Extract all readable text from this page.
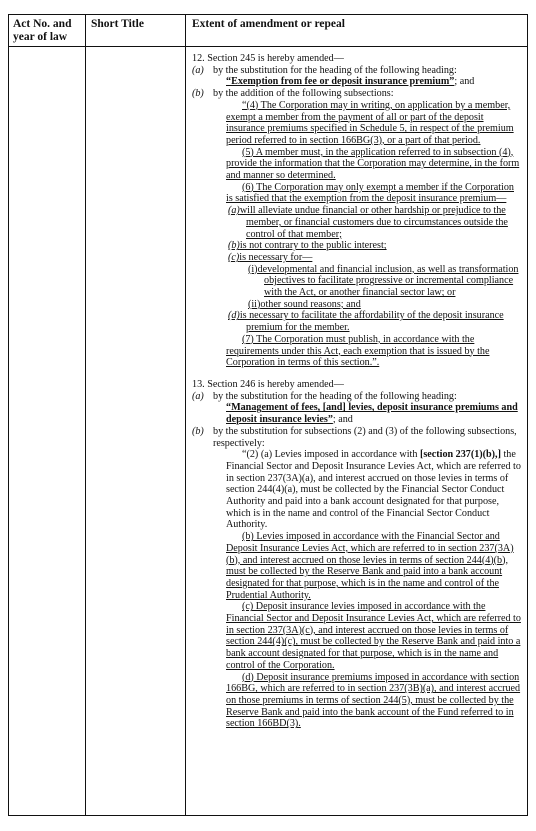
Act No. and year of law
Short Title	Extent of amendment or repeal

12. Section 245 is hereby amended—

(a) by the substitution for the heading of the following heading:

“Exemption from fee or deposit insurance premium”; and

(b) by the addition of the following subsections:

“(4) The Corporation may in writing, on application by a member, exempt a member from the payment of all or part of the deposit insurance premiums specified in Schedule 5, in respect of the premium period referred to in section 166BG(3), or a part of that period.

(5) A member must, in the application referred to in subsection (4), provide the information that the Corporation may determine, in the form and manner so determined.

(6) The Corporation may only exempt a member if the Corporation is satisfied that the exemption from the deposit insurance premium—

(a)will alleviate undue financial or other hardship or prejudice to the member, or financial customers due to circumstances outside the control of that member;

(b)is not contrary to the public interest;

(c)is necessary for—

(i)developmental and financial inclusion, as well as transformation objectives to facilitate progressive or incremental compliance with the Act, or another financial sector law; or

(ii)other sound reasons; and

(d)is necessary to facilitate the affordability of the deposit insurance premium for the member.

(7) The Corporation must publish, in accordance with the requirements under this Act, each exemption that is issued by the Corporation in terms of this section.”.

13. Section 246 is hereby amended—

(a) by the substitution for the heading of the following heading:

“Management of fees, [and] levies, deposit insurance premiums and deposit insurance levies”; and

(b) by the substitution for subsections (2) and (3) of the following subsections, respectively:

“(2) (a) Levies imposed in accordance with [section 237(1)(b),] the Financial Sector and Deposit Insurance Levies Act, which are referred to in section 237(3A)(a), and interest accrued on those levies in terms of section 244(4)(a), must be collected by the Financial Sector Conduct Authority and paid into a bank account designated for that purpose, which is in the name and control of the Financial Sector Conduct Authority.

(b) Levies imposed in accordance with the Financial Sector and Deposit Insurance Levies Act, which are referred to in section 237(3A)(b), and interest accrued on those levies in terms of section 244(4)(b), must be collected by the Reserve Bank and paid into a bank account designated for that purpose, which is in the name and control of the Prudential Authority.

(c) Deposit insurance levies imposed in accordance with the Financial Sector and Deposit Insurance Levies Act, which are referred to in section 237(3A)(c), and interest accrued on those levies in terms of section 244(4)(c), must be collected by the Reserve Bank and paid into a bank account designated for that purpose, which is in the name and control of the Corporation.

(d) Deposit insurance premiums imposed in accordance with section 166BG, which are referred to in section 237(3B)(a), and interest accrued on those premiums in terms of section 244(5), must be collected by the Reserve Bank and paid into the bank account of the Fund referred to in section 166BD(3).
